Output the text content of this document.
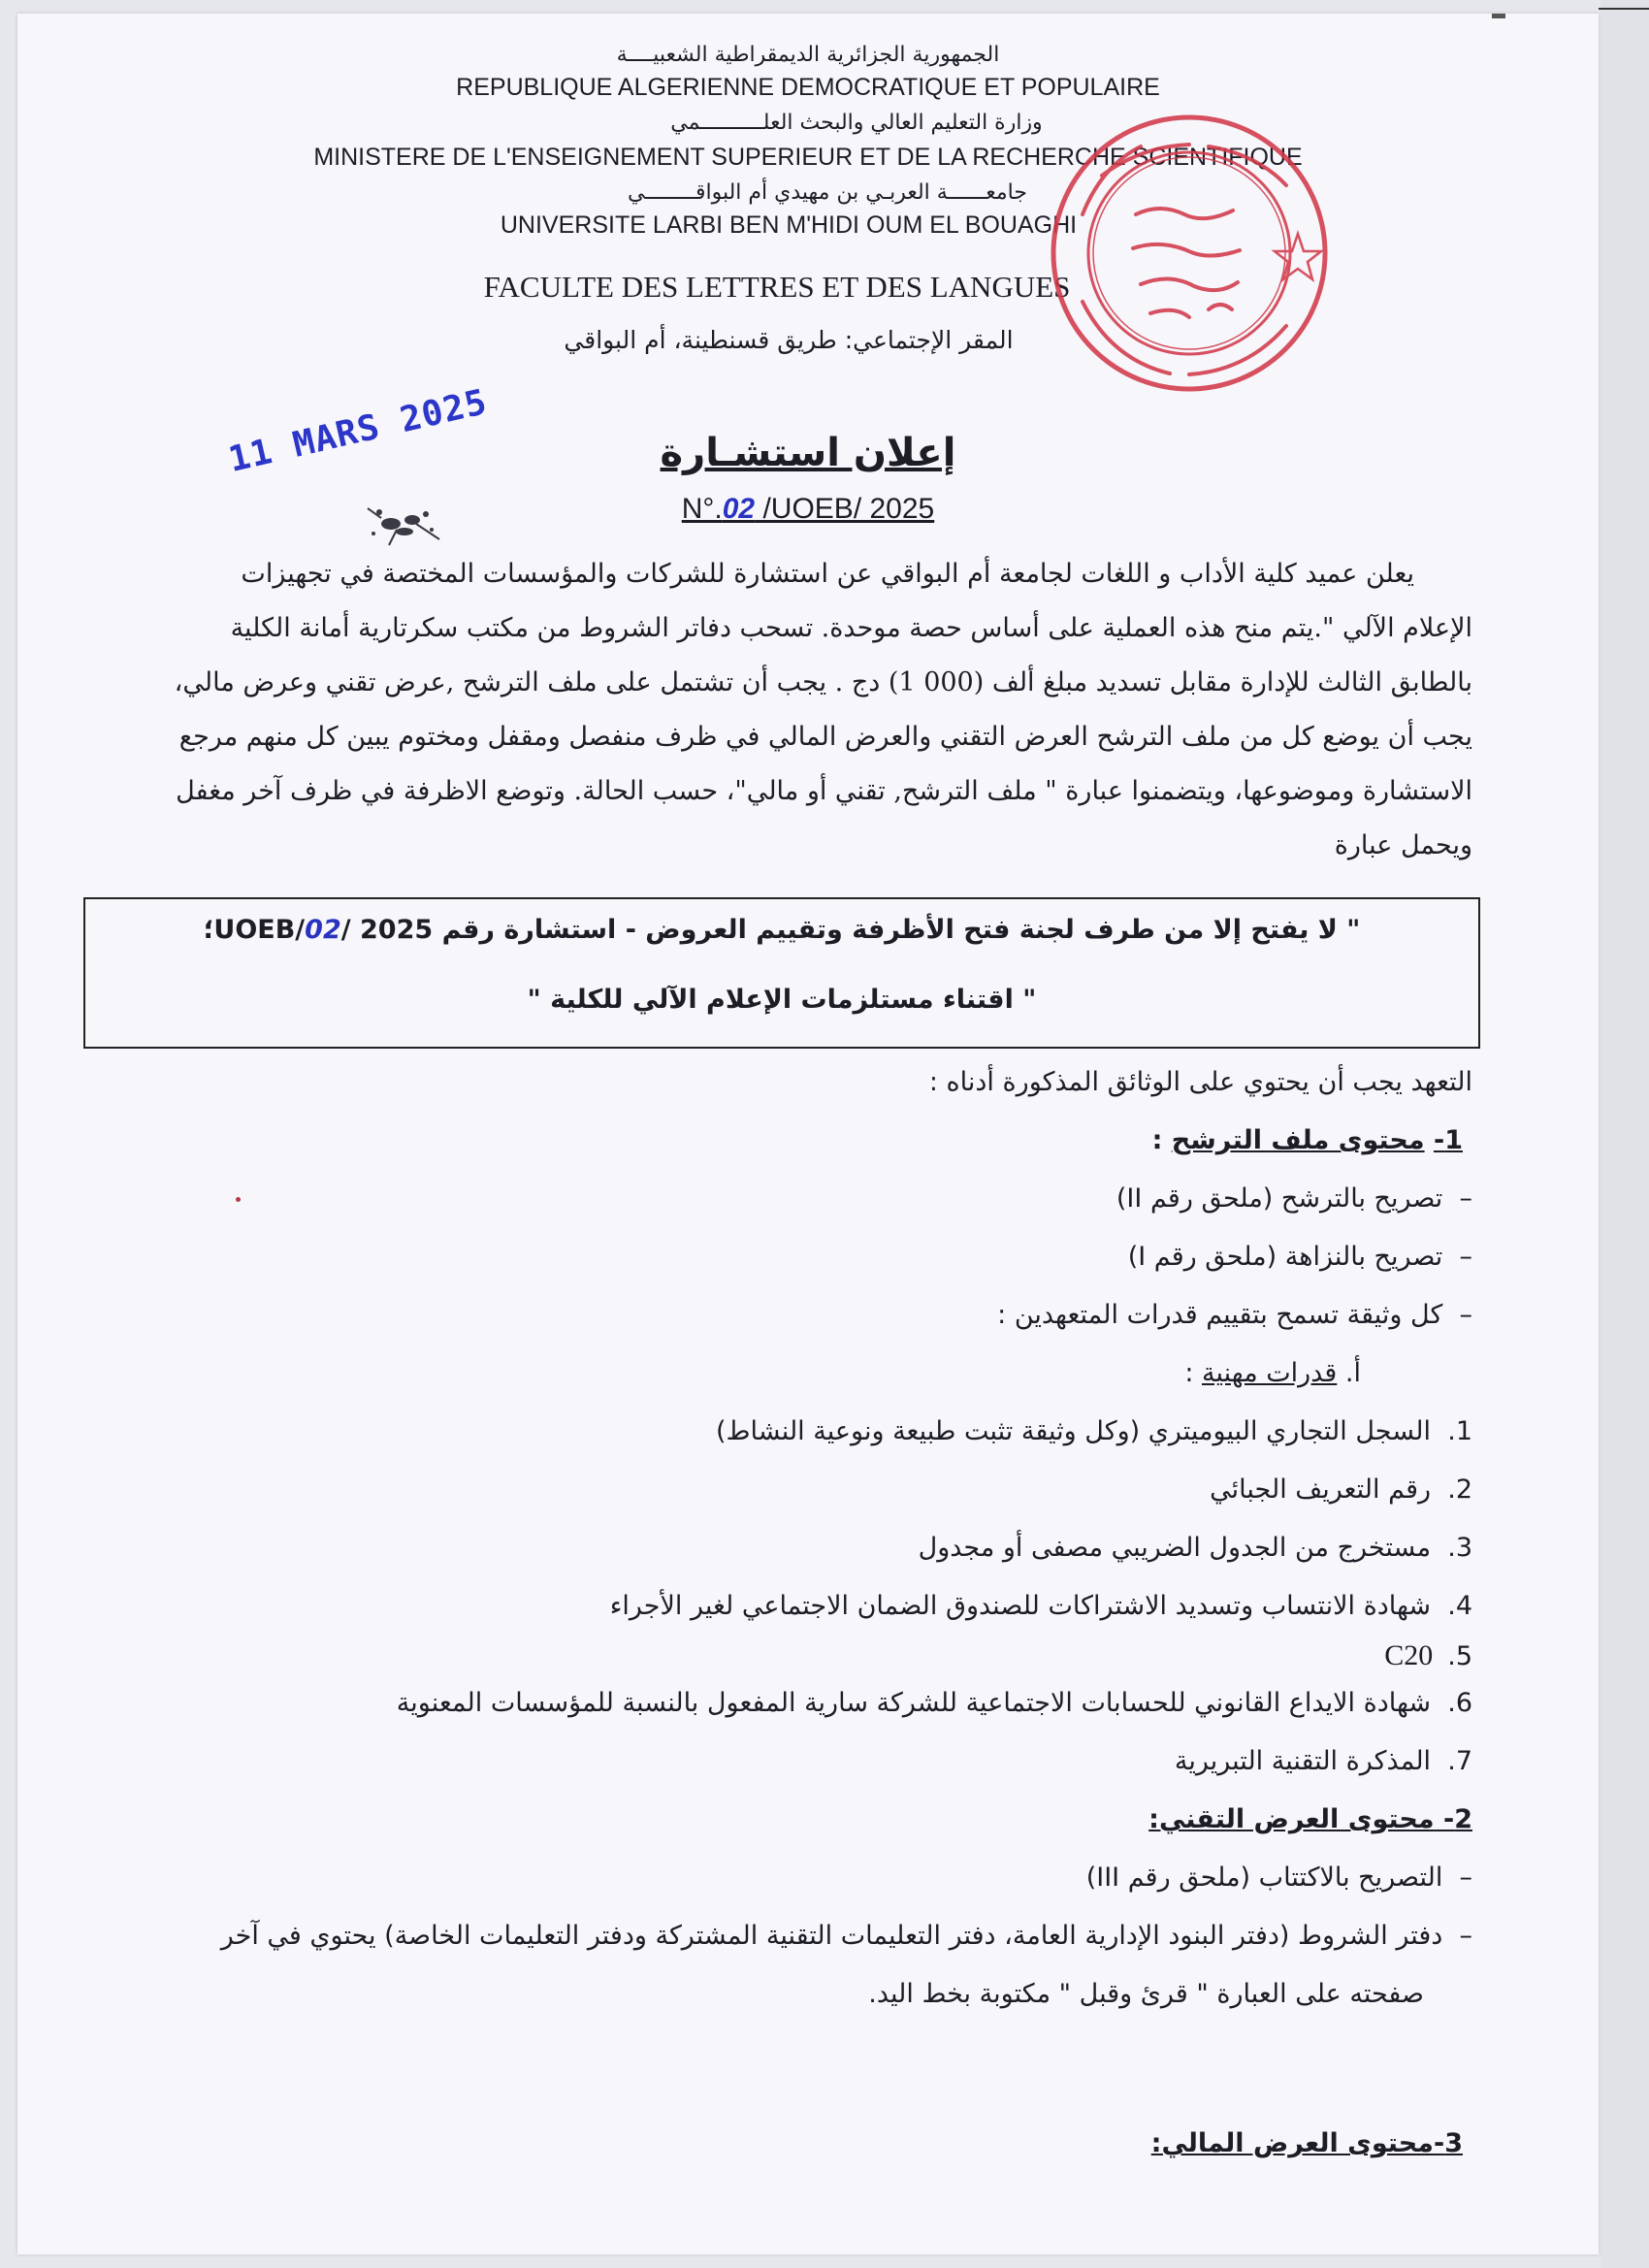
الجمهورية الجزائرية الديمقراطية الشعبيــــة
REPUBLIQUE ALGERIENNE DEMOCRATIQUE ET POPULAIRE
وزارة التعليم العالي والبحث العلــــــــــمي
MINISTERE DE L'ENSEIGNEMENT SUPERIEUR ET DE LA RECHERCHE SCIENTIFIQUE
جامعــــــة العربـي بن مهيدي أم البواقــــــــي
UNIVERSITE LARBI BEN M'HIDI OUM EL BOUAGHI
FACULTE DES LETTRES ET DES LANGUES
المقر الإجتماعي: طريق قسنطينة، أم البواقي
11 MARS 2025	إعلان استشـارة
N°.02 /UOEB/ 2025

يعلن عميد كلية الأداب و اللغات لجامعة أم البواقي عن استشارة للشركات والمؤسسات المختصة في تجهيزات

الإعلام الآلي ".يتم منح هذه العملية على أساس حصة موحدة. تسحب دفاتر الشروط من مكتب سكرتارية أمانة الكلية

بالطابق الثالث للإدارة مقابل تسديد مبلغ ألف (000 1) دج . يجب أن تشتمل على ملف الترشح ,عرض تقني وعرض مالي،

يجب أن يوضع كل من ملف الترشح العرض التقني والعرض المالي في ظرف منفصل ومقفل ومختوم يبين كل منهم مرجع

الاستشارة وموضوعها، ويتضمنوا عبارة " ملف الترشح, تقني أو مالي"، حسب الحالة. وتوضع الاظرفة في ظرف آخر مغفل

ويحمل عبارة

" لا يفتح إلا من طرف لجنة فتح الأظرفة وتقييم العروض - استشارة رقم 2025 /UOEB/02؛
" اقتناء مستلزمات الإعلام الآلي للكلية "
التعهد يجب أن يحتوي على الوثائق المذكورة أدناه :
1- محتوى ملف الترشح :
–  تصريح بالترشح (ملحق رقم II)
–  تصريح بالنزاهة (ملحق رقم I)
–  كل وثيقة تسمح بتقييم قدرات المتعهدين :
أ. قدرات مهنية :
1.  السجل التجاري البيوميتري (وكل وثيقة تثبت طبيعة ونوعية النشاط)
2.  رقم التعريف الجبائي
3.  مستخرج من الجدول الضريبي مصفى أو مجدول
4.  شهادة الانتساب وتسديد الاشتراكات للصندوق الضمان الاجتماعي لغير الأجراء
C20 .5
6.  شهادة الايداع القانوني للحسابات الاجتماعية للشركة سارية المفعول بالنسبة للمؤسسات المعنوية
7.  المذكرة التقنية التبريرية
2- محتوى العرض التقني:
–  التصريح بالاكتتاب (ملحق رقم III)
–  دفتر الشروط (دفتر البنود الإدارية العامة، دفتر التعليمات التقنية المشتركة ودفتر التعليمات الخاصة) يحتوي في آخر
صفحته على العبارة " قرئ وقبل " مكتوبة بخط اليد.
3-محتوى العرض المالي:
